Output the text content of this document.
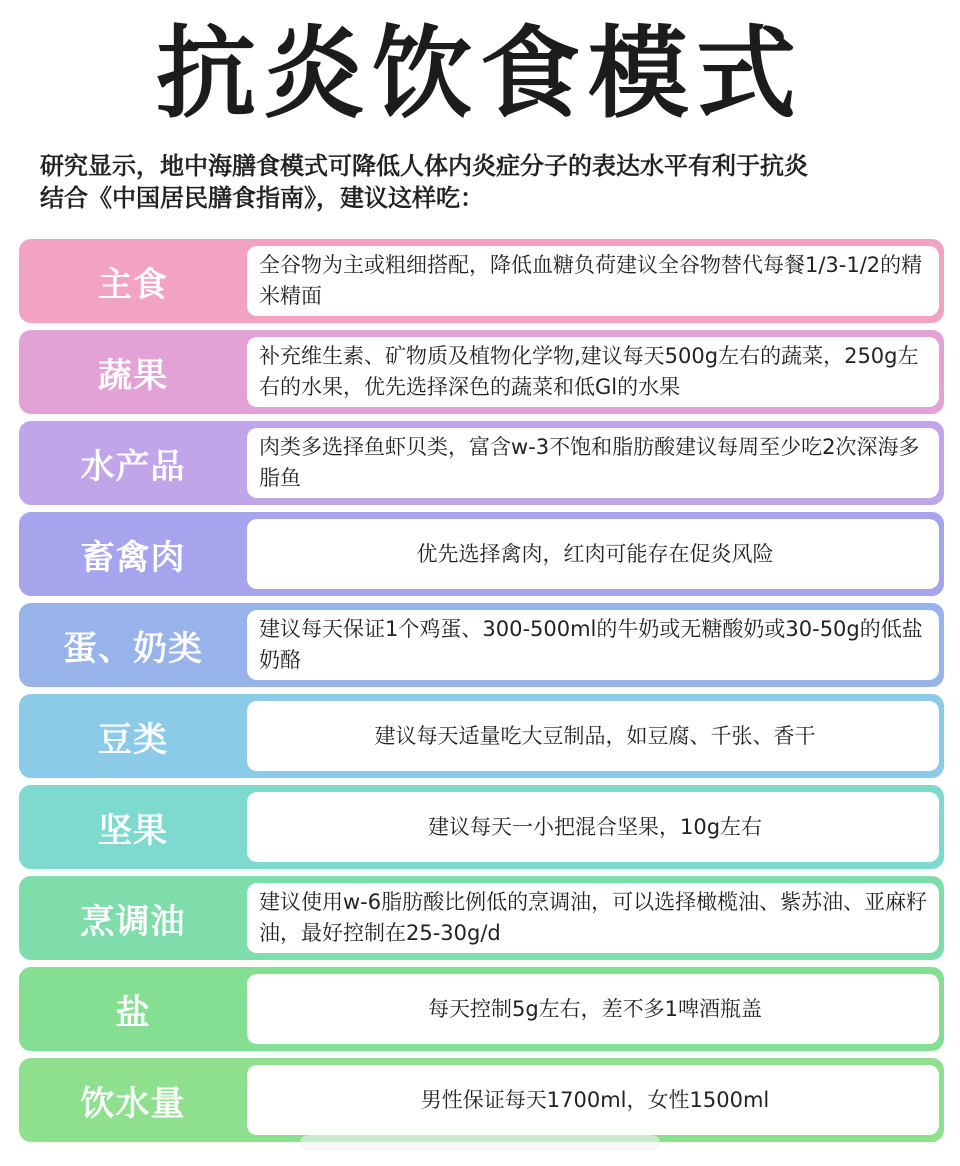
抗炎饮食模式
研究显示，地中海膳食模式可降低人体内炎症分子的表达水平有利于抗炎
结合《中国居民膳食指南》，建议这样吃：
主食	全谷物为主或粗细搭配，降低血糖负荷建议全谷物替代每餐1/3-1/2的精米精面
蔬果	补充维生素、矿物质及植物化学物,建议每天500g左右的蔬菜，250g左右的水果，优先选择深色的蔬菜和低Gl的水果
水产品	肉类多选择鱼虾贝类，富含w-3不饱和脂肪酸建议每周至少吃2次深海多脂鱼
畜禽肉	优先选择禽肉，红肉可能存在促炎风险
蛋、奶类	建议每天保证1个鸡蛋、300-500ml的牛奶或无糖酸奶或30-50g的低盐奶酪
豆类	建议每天适量吃大豆制品，如豆腐、千张、香干
坚果	建议每天一小把混合坚果，10g左右
烹调油	建议使用w-6脂肪酸比例低的烹调油，可以选择橄榄油、紫苏油、亚麻籽油，最好控制在25-30g/d
盐	每天控制5g左右，差不多1啤酒瓶盖
饮水量	男性保证每天1700ml，女性1500ml
